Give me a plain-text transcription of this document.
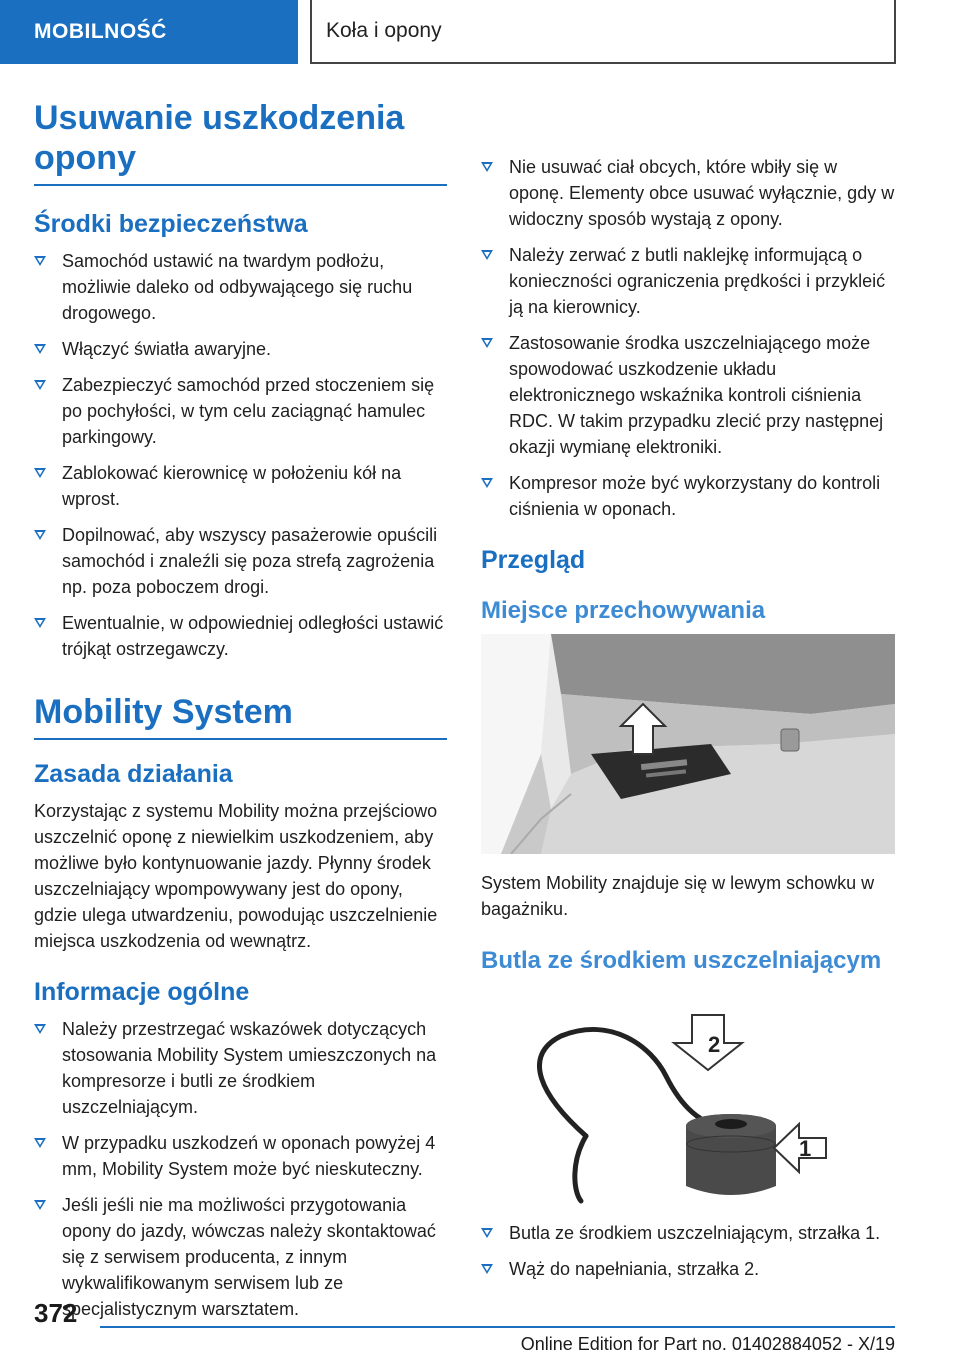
MOBILNOŚĆ	Koła i opony
Usuwanie uszkodzenia opony
Środki bezpieczeństwa
Samochód ustawić na twardym podłożu, możliwie daleko od odbywającego się ruchu drogowego.
Włączyć światła awaryjne.
Zabezpieczyć samochód przed stoczeniem się po pochyłości, w tym celu zaciągnąć hamulec parkingowy.
Zablokować kierownicę w położeniu kół na wprost.
Dopilnować, aby wszyscy pasażerowie opuścili samochód i znaleźli się poza strefą zagrożenia np. poza poboczem drogi.
Ewentualnie, w odpowiedniej odległości ustawić trójkąt ostrzegawczy.
Mobility System
Zasada działania

Korzystając z systemu Mobility można przejściowo uszczelnić oponę z niewielkim uszkodzeniem, aby możliwe było kontynuowanie jazdy. Płynny środek uszczelniający wpompowywany jest do opony, gdzie ulega utwardzeniu, powodując uszczelnienie miejsca uszkodzenia od wewnątrz.

Informacje ogólne
Należy przestrzegać wskazówek dotyczących stosowania Mobility System umieszczonych na kompresorze i butli ze środkiem uszczelniającym.
W przypadku uszkodzeń w oponach powyżej 4 mm, Mobility System może być nieskuteczny.
Jeśli jeśli nie ma możliwości przygotowania opony do jazdy, wówczas należy skontaktować się z serwisem producenta, z innym wykwalifikowanym serwisem lub ze specjalistycznym warsztatem.

Nie usuwać ciał obcych, które wbiły się w oponę. Elementy obce usuwać wyłącznie, gdy w widoczny sposób wystają z opony.
Należy zerwać z butli naklejkę informującą o konieczności ograniczenia prędkości i przykleić ją na kierownicy.
Zastosowanie środka uszczelniającego może spowodować uszkodzenie układu elektronicznego wskaźnika kontroli ciśnienia RDC. W takim przypadku zlecić przy następnej okazji wymianę elektroniki.
Kompresor może być wykorzystany do kontroli ciśnienia w oponach.
Przegląd
Miejsce przechowywania

System Mobility znajduje się w lewym schowku w bagażniku.

Butla ze środkiem uszczelniającym
2
1
Butla ze środkiem uszczelniającym, strzałka 1.
Wąż do napełniania, strzałka 2.
372
Online Edition for Part no. 01402884052 - X/19
